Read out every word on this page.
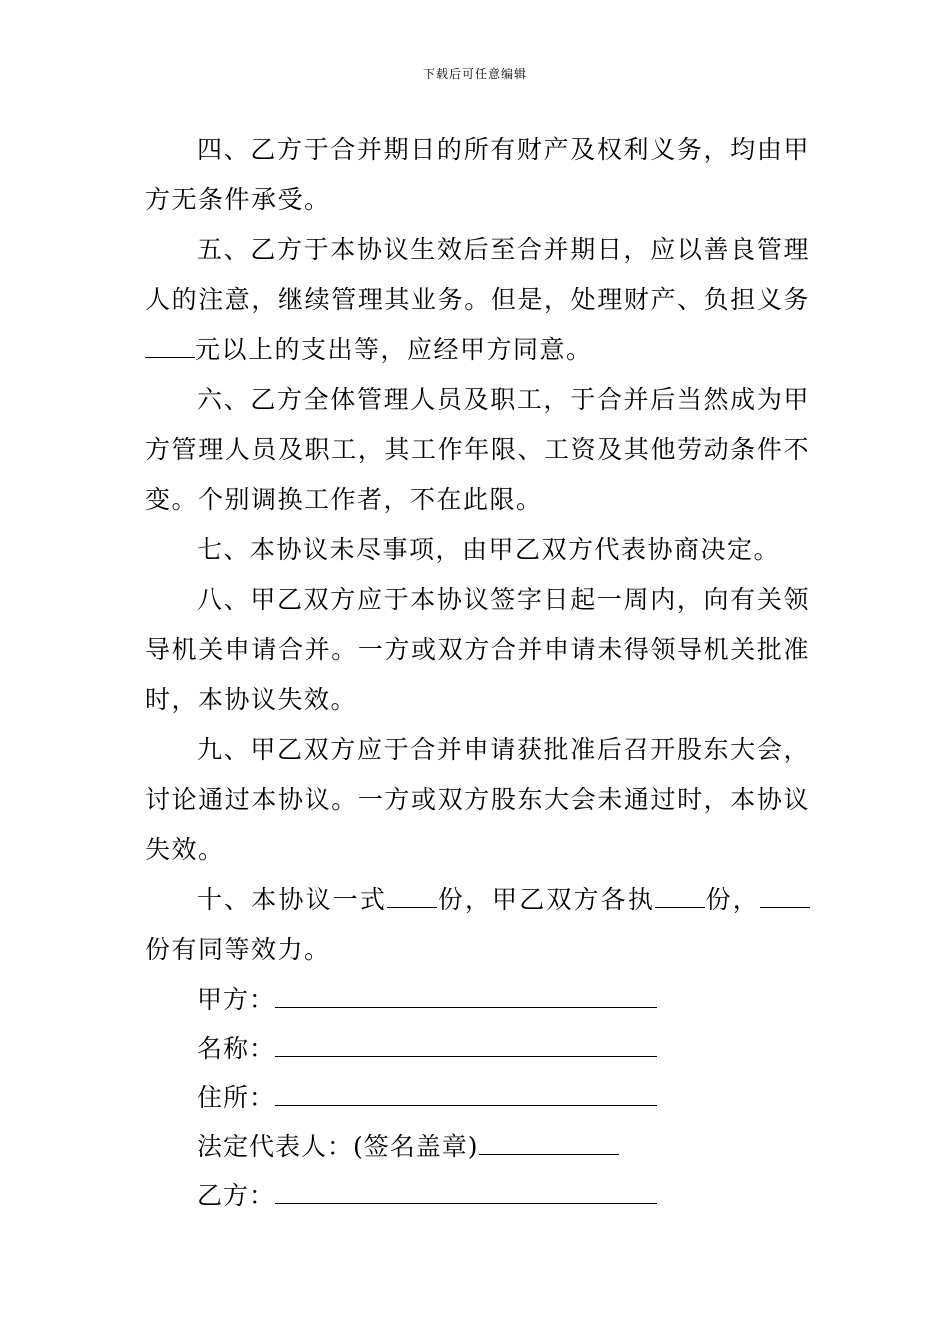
下载后可任意编辑

四、乙方于合并期日的所有财产及权利义务，均由甲方无条件承受。

五、乙方于本协议生效后至合并期日，应以善良管理人的注意，继续管理其业务。但是，处理财产、负担义务元以上的支出等，应经甲方同意。

六、乙方全体管理人员及职工，于合并后当然成为甲方管理人员及职工，其工作年限、工资及其他劳动条件不变。个别调换工作者，不在此限。

七、本协议未尽事项，由甲乙双方代表协商决定。

八、甲乙双方应于本协议签字日起一周内，向有关领导机关申请合并。一方或双方合并申请未得领导机关批准时，本协议失效。

九、甲乙双方应于合并申请获批准后召开股东大会，讨论通过本协议。一方或双方股东大会未通过时，本协议失效。

十、本协议一式 份，甲乙双方各执 份，份有同等效力。

甲方：

名称：

住所：

法定代表人：(签名盖章)

乙方：
